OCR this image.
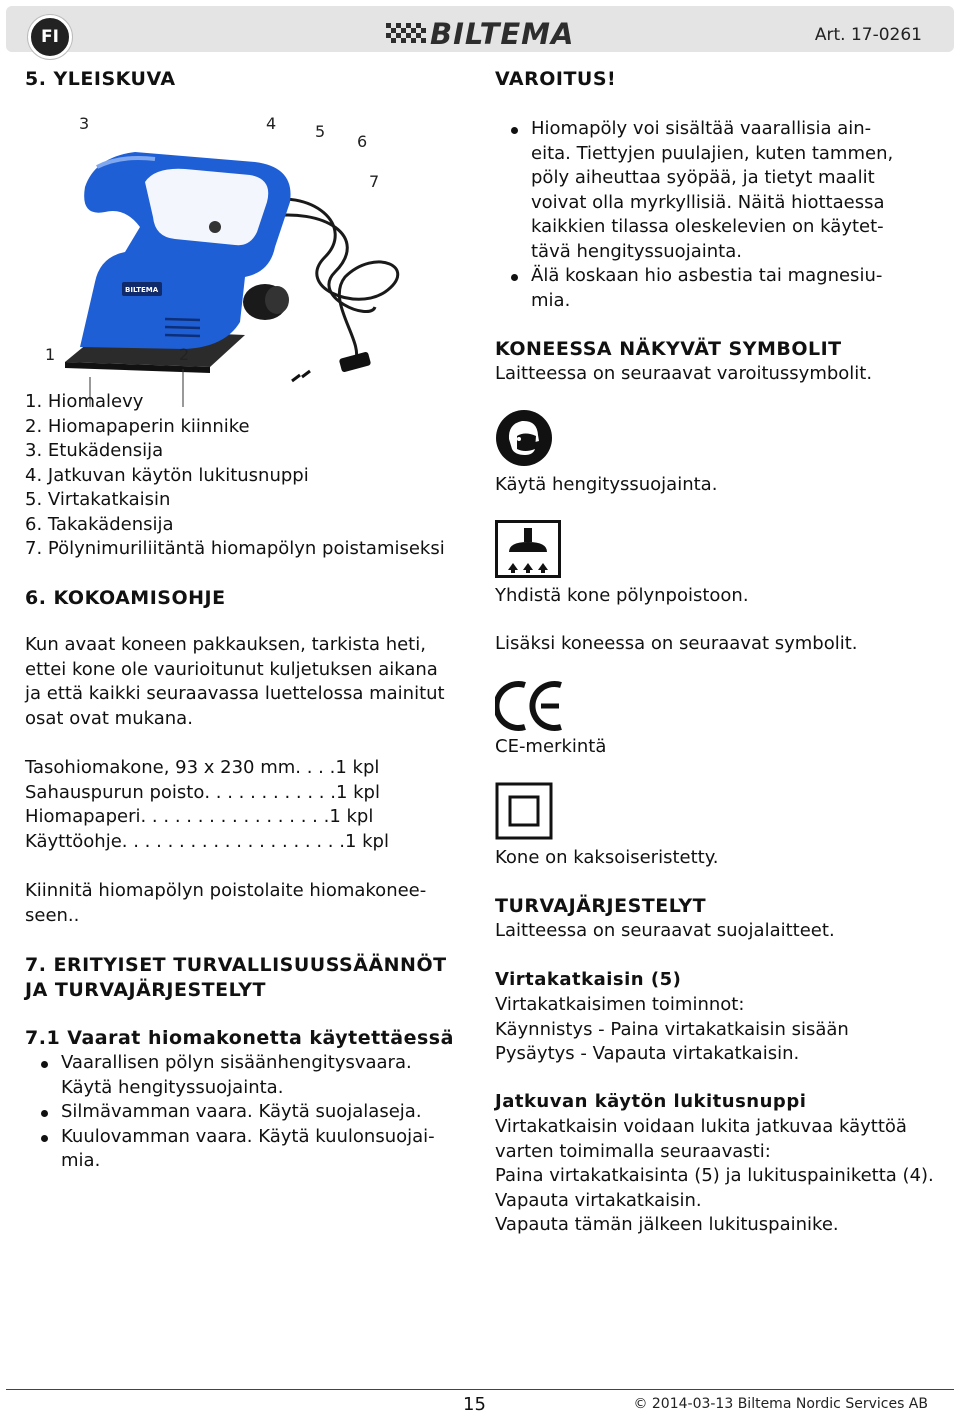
FI	BILTEMA	Art. 17-0261
5. YLEISKUVA
BILTEMA
1	2
3	4 5
6
7
1. Hiomalevy
2. Hiomapaperin kiinnike
3. Etukädensija
4. Jatkuvan käytön lukitusnuppi
5. Virtakatkaisin
6. Takakädensija
7. Pölynimuriliitäntä hiomapölyn poistamiseksi
6. KOKOAMISOHJE
Kun avaat koneen pakkauksen, tarkista heti,
ettei kone ole vaurioitunut kuljetuksen aikana
ja että kaikki seuraavassa luettelossa mainitut
osat ovat mukana.
Tasohiomakone, 93 x 230 mm . . . . 1 kpl
Sahauspurun poisto . . . . . . . . . . . . 1 kpl
Hiomapaperi . . . . . . . . . . . . . . . . . 1 kpl
Käyttöohje . . . . . . . . . . . . . . . . . . . . 1 kpl
Kiinnitä hiomapölyn poistolaite hiomakonee-
seen..
7. ERITYISET TURVALLISUUSSÄÄNNÖT
JA TURVAJÄRJESTELYT
7.1 Vaarat hiomakonetta käytettäessä
Vaarallisen pölyn sisäänhengitysvaara.
Käytä hengityssuojainta.
Silmävamman vaara. Käytä suojalaseja.
Kuulovamman vaara. Käytä kuulonsuojai-
mia.
VAROITUS!
Hiomapöly voi sisältää vaarallisia ain-
eita. Tiettyjen puulajien, kuten tammen,
pöly aiheuttaa syöpää, ja tietyt maalit
voivat olla myrkyllisiä. Näitä hiottaessa
kaikkien tilassa oleskelevien on käytet-
tävä hengityssuojainta.
Älä koskaan hio asbestia tai magnesiu-
mia.
KONEESSA NÄKYVÄT SYMBOLIT
Laitteessa on seuraavat varoitussymbolit.
Käytä hengityssuojainta.
Yhdistä kone pölynpoistoon.
Lisäksi koneessa on seuraavat symbolit.
CE-merkintä
Kone on kaksoiseristetty.
TURVAJÄRJESTELYT
Laitteessa on seuraavat suojalaitteet.
Virtakatkaisin (5)
Virtakatkaisimen toiminnot:
Käynnistys - Paina virtakatkaisin sisään
Pysäytys - Vapauta virtakatkaisin.
Jatkuvan käytön lukitusnuppi
Virtakatkaisin voidaan lukita jatkuvaa käyttöä
varten toimimalla seuraavasti:
Paina virtakatkaisinta (5) ja lukituspainiketta (4).
Vapauta virtakatkaisin.
Vapauta tämän jälkeen lukituspainike.
15	© 2014-03-13 Biltema Nordic Services AB
